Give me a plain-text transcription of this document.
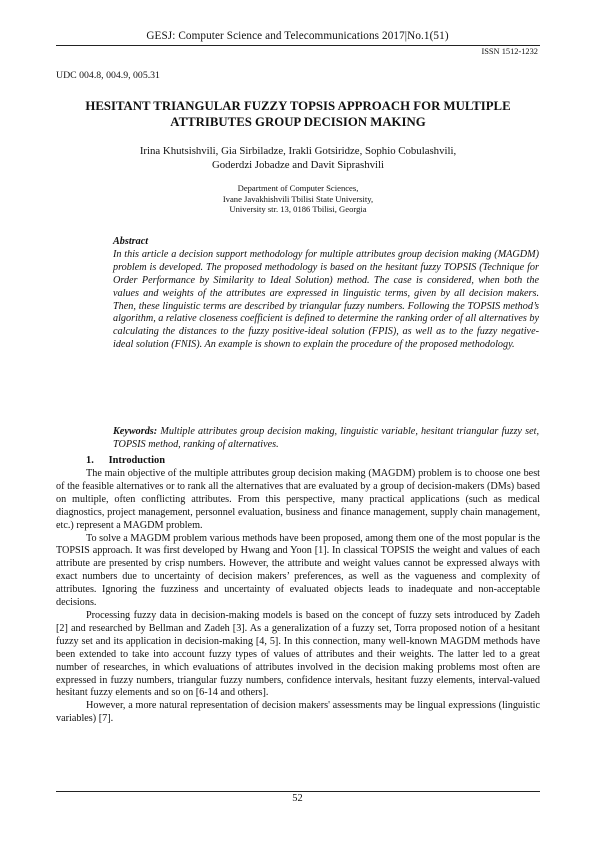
GESJ: Computer Science and Telecommunications 2017|No.1(51)
ISSN 1512-1232
UDC 004.8, 004.9, 005.31
HESITANT TRIANGULAR FUZZY TOPSIS APPROACH FOR MULTIPLE ATTRIBUTES GROUP DECISION MAKING
Irina Khutsishvili, Gia Sirbiladze, Irakli Gotsiridze, Sophio Cobulashvili,
Goderdzi Jobadze and Davit Siprashvili
Department of Computer Sciences,
Ivane Javakhishvili Tbilisi State University,
University str. 13, 0186 Tbilisi, Georgia
Abstract
In this article a decision support methodology for multiple attributes group decision making (MAGDM) problem is developed. The proposed methodology is based on the hesitant fuzzy TOPSIS (Technique for Order Performance by Similarity to Ideal Solution) method. The case is considered, when both the values and weights of the attributes are expressed in linguistic terms, given by all decision makers. Then, these linguistic terms are described by triangular fuzzy numbers. Following the TOPSIS method’s algorithm, a relative closeness coefficient is defined to determine the ranking order of all alternatives by calculating the distances to the fuzzy positive-ideal solution (FPIS), as well as to the fuzzy negative-ideal solution (FNIS). An example is shown to explain the procedure of the proposed methodology.
Keywords: Multiple attributes group decision making, linguistic variable, hesitant triangular fuzzy set, TOPSIS method, ranking of alternatives.
1. Introduction

The main objective of the multiple attributes group decision making (MAGDM) problem is to choose one best of the feasible alternatives or to rank all the alternatives that are evaluated by a group of decision-makers (DMs) based on multiple, often conflicting attributes. From this perspective, many practical applications (such as medical diagnostics, project management, personnel evaluation, business and finance management, supply chain management, etc.) represent a MAGDM problem.

To solve a MAGDM problem various methods have been proposed, among them one of the most popular is the TOPSIS approach. It was first developed by Hwang and Yoon [1]. In classical TOPSIS the weight and values of each attribute are presented by crisp numbers. However, the attribute and weight values cannot be expressed always with exact numbers due to uncertainty of decision makers’ preferences, as well as the vagueness and complexity of attributes. Ignoring the fuzziness and uncertainty of evaluated objects leads to inadequate and non-acceptable decisions.

Processing fuzzy data in decision-making models is based on the concept of fuzzy sets introduced by Zadeh [2] and researched by Bellman and Zadeh [3]. As a generalization of a fuzzy set, Torra proposed notion of a hesitant fuzzy set and its application in decision-making [4, 5]. In this connection, many well-known MAGDM methods have been extended to take into account fuzzy types of values of attributes and their weights. The latter led to a great number of researches, in which evaluations of attributes involved in the decision making problems most often are expressed in fuzzy numbers, triangular fuzzy numbers, confidence intervals, hesitant fuzzy elements, interval-valued hesitant fuzzy elements and so on [6-14 and others].

However, a more natural representation of decision makers' assessments may be lingual expressions (linguistic variables) [7].

52
